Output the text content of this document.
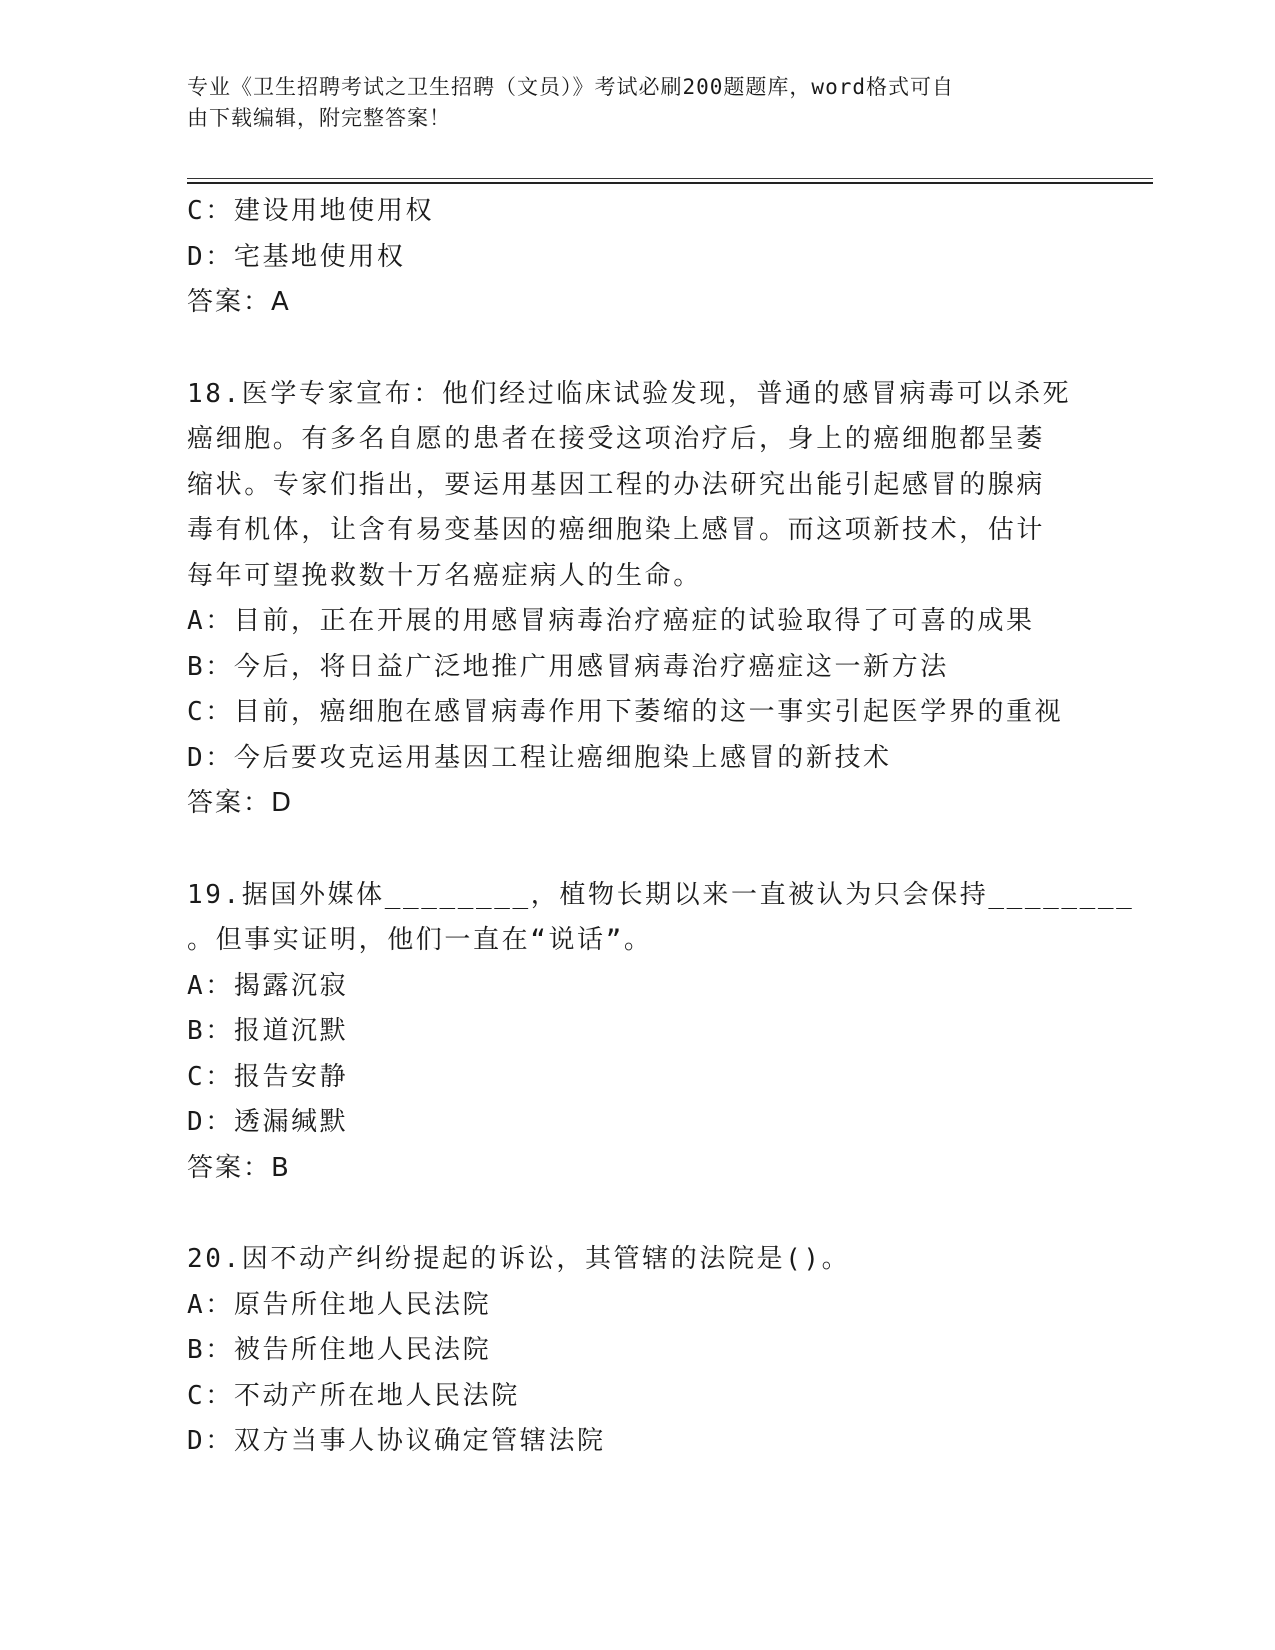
专业《卫生招聘考试之卫生招聘（文员）》考试必刷200题题库，word格式可自
由下载编辑，附完整答案！
C：建设用地使用权
D：宅基地使用权
答案：A
18.医学专家宣布：他们经过临床试验发现，普通的感冒病毒可以杀死
癌细胞。有多名自愿的患者在接受这项治疗后，身上的癌细胞都呈萎
缩状。专家们指出，要运用基因工程的办法研究出能引起感冒的腺病
毒有机体，让含有易变基因的癌细胞染上感冒。而这项新技术，估计
每年可望挽救数十万名癌症病人的生命。
A：目前，正在开展的用感冒病毒治疗癌症的试验取得了可喜的成果
B：今后，将日益广泛地推广用感冒病毒治疗癌症这一新方法
C：目前，癌细胞在感冒病毒作用下萎缩的这一事实引起医学界的重视
D：今后要攻克运用基因工程让癌细胞染上感冒的新技术
答案：D
19.据国外媒体________，植物长期以来一直被认为只会保持________
。但事实证明，他们一直在“说话”。
A：揭露沉寂
B：报道沉默
C：报告安静
D：透漏缄默
答案：B
20.因不动产纠纷提起的诉讼，其管辖的法院是()。
A：原告所住地人民法院
B：被告所住地人民法院
C：不动产所在地人民法院
D：双方当事人协议确定管辖法院
